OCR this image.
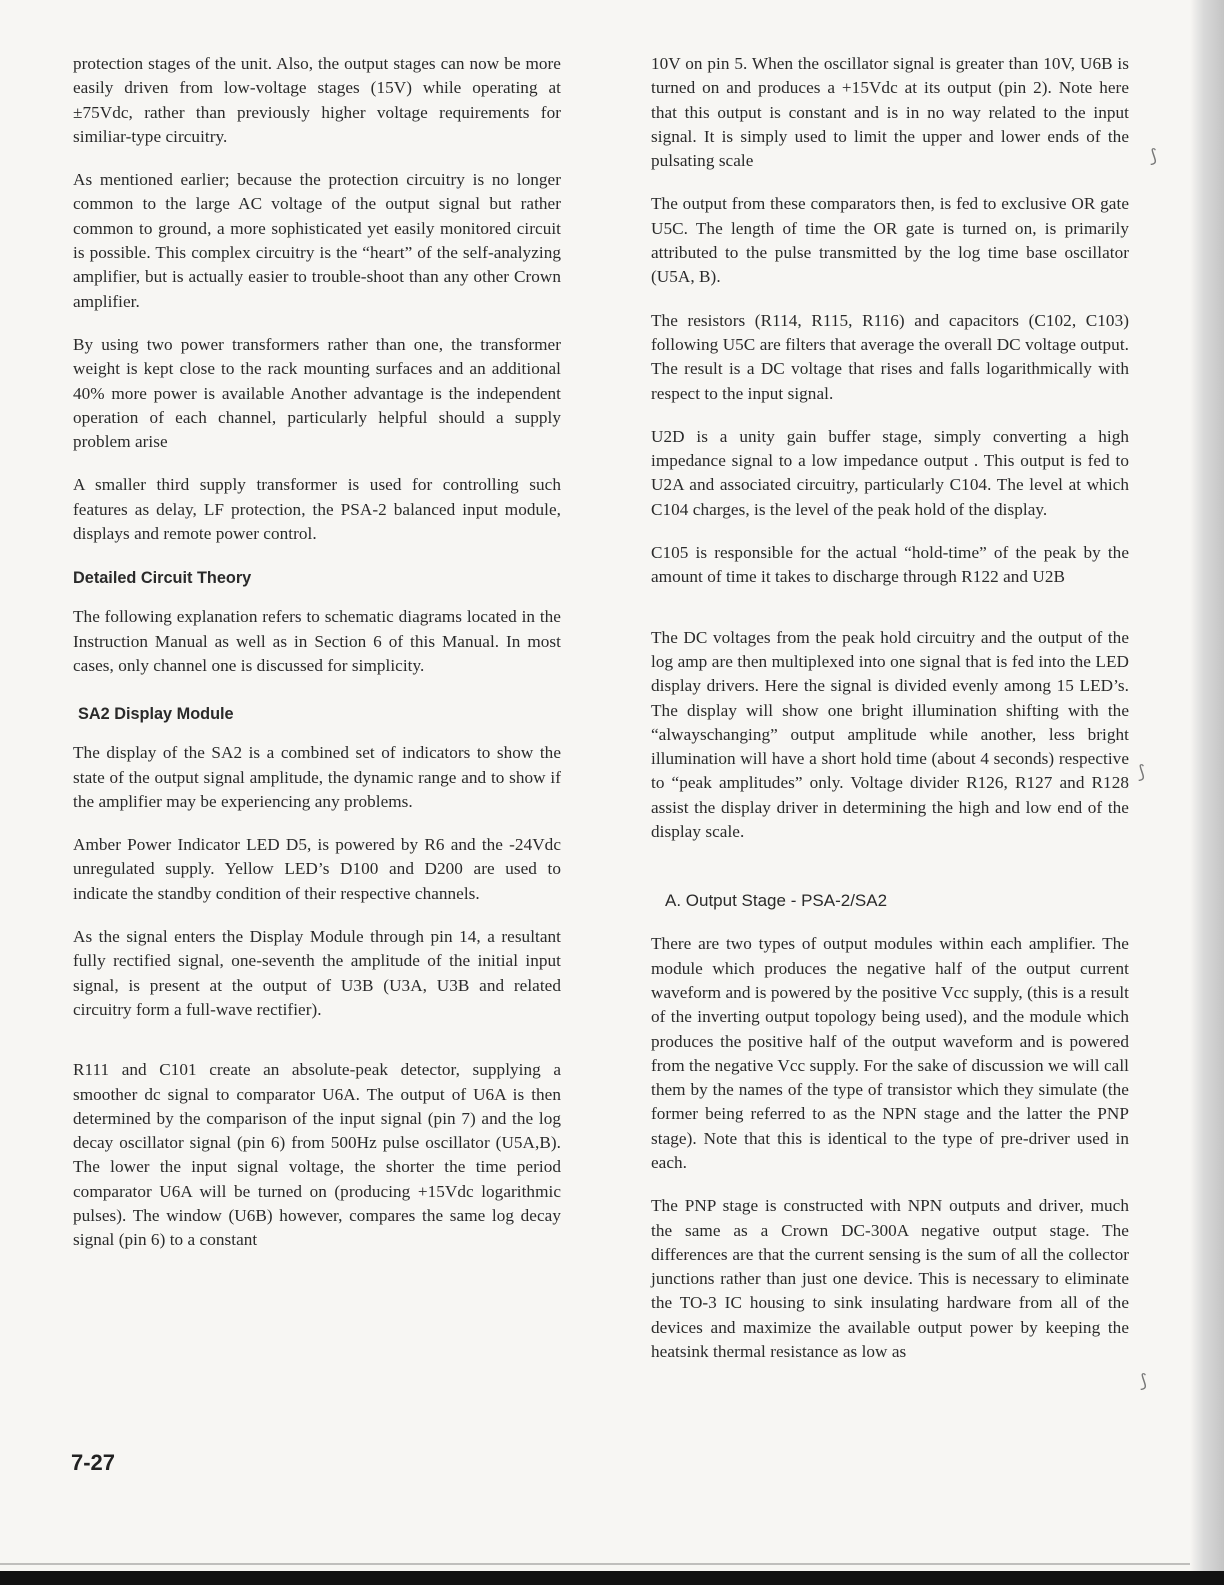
⟆
⟆
⟆

protection stages of the unit. Also, the output stages can now be more easily driven from low-voltage stages (15V) while operating at ±75Vdc, rather than previously higher voltage requirements for similiar-type circuitry.

As mentioned earlier; because the protection circuitry is no longer common to the large AC voltage of the output signal but rather common to ground, a more sophisticated yet easily monitored circuit is possible. This complex circuitry is the “heart” of the self-analyzing amplifier, but is actually easier to trouble-shoot than any other Crown amplifier.

By using two power transformers rather than one, the transformer weight is kept close to the rack mounting surfaces and an additional 40% more power is available Another advantage is the independent operation of each channel, particularly helpful should a supply problem arise

A smaller third supply transformer is used for controlling such features as delay, LF protection, the PSA-2 balanced input module, displays and remote power control.

Detailed Circuit Theory

The following explanation refers to schematic diagrams located in the Instruction Manual as well as in Section 6 of this Manual. In most cases, only channel one is discussed for simplicity.

SA2 Display Module

The display of the SA2 is a combined set of indicators to show the state of the output signal amplitude, the dynamic range and to show if the amplifier may be experiencing any problems.

Amber Power Indicator LED D5, is powered by R6 and the -24Vdc unregulated supply. Yellow LED’s D100 and D200 are used to indicate the standby condition of their respective channels.

As the signal enters the Display Module through pin 14, a resultant fully rectified signal, one-seventh the amplitude of the initial input signal, is present at the output of U3B (U3A, U3B and related circuitry form a full-wave rectifier).

R111 and C101 create an absolute-peak detector, supplying a smoother dc signal to comparator U6A. The output of U6A is then determined by the comparison of the input signal (pin 7) and the log decay oscillator signal (pin 6) from 500Hz pulse oscillator (U5A,B). The lower the input signal voltage, the shorter the time period comparator U6A will be turned on (producing +15Vdc logarithmic pulses). The window (U6B) however, compares the same log decay signal (pin 6) to a constant

10V on pin 5. When the oscillator signal is greater than 10V, U6B is turned on and produces a +15Vdc at its output (pin 2). Note here that this output is constant and is in no way related to the input signal. It is simply used to limit the upper and lower ends of the pulsating scale

The output from these comparators then, is fed to exclusive OR gate U5C. The length of time the OR gate is turned on, is primarily attributed to the pulse transmitted by the log time base oscillator (U5A, B).

The resistors (R114, R115, R116) and capacitors (C102, C103) following U5C are filters that average the overall DC voltage output. The result is a DC voltage that rises and falls logarithmically with respect to the input signal.

U2D is a unity gain buffer stage, simply converting a high impedance signal to a low impedance output . This output is fed to U2A and associated circuitry, particularly C104. The level at which C104 charges, is the level of the peak hold of the display.

C105 is responsible for the actual “hold-time” of the peak by the amount of time it takes to discharge through R122 and U2B

The DC voltages from the peak hold circuitry and the output of the log amp are then multiplexed into one signal that is fed into the LED display drivers. Here the signal is divided evenly among 15 LED’s. The display will show one bright illumination shifting with the “alwayschanging” output amplitude while another, less bright illumination will have a short hold time (about 4 seconds) respective to “peak amplitudes” only. Voltage divider R126, R127 and R128 assist the display driver in determining the high and low end of the display scale.

A. Output Stage - PSA-2/SA2

There are two types of output modules within each amplifier. The module which produces the negative half of the output current waveform and is powered by the positive Vcc supply, (this is a result of the inverting output topology being used), and the module which produces the positive half of the output waveform and is powered from the negative Vcc supply. For the sake of discussion we will call them by the names of the type of transistor which they simulate (the former being referred to as the NPN stage and the latter the PNP stage). Note that this is identical to the type of pre-driver used in each.

The PNP stage is constructed with NPN outputs and driver, much the same as a Crown DC-300A negative output stage. The differences are that the current sensing is the sum of all the collector junctions rather than just one device. This is necessary to eliminate the TO-3 IC housing to sink insulating hardware from all of the devices and maximize the available output power by keeping the heatsink thermal resistance as low as

7-27
